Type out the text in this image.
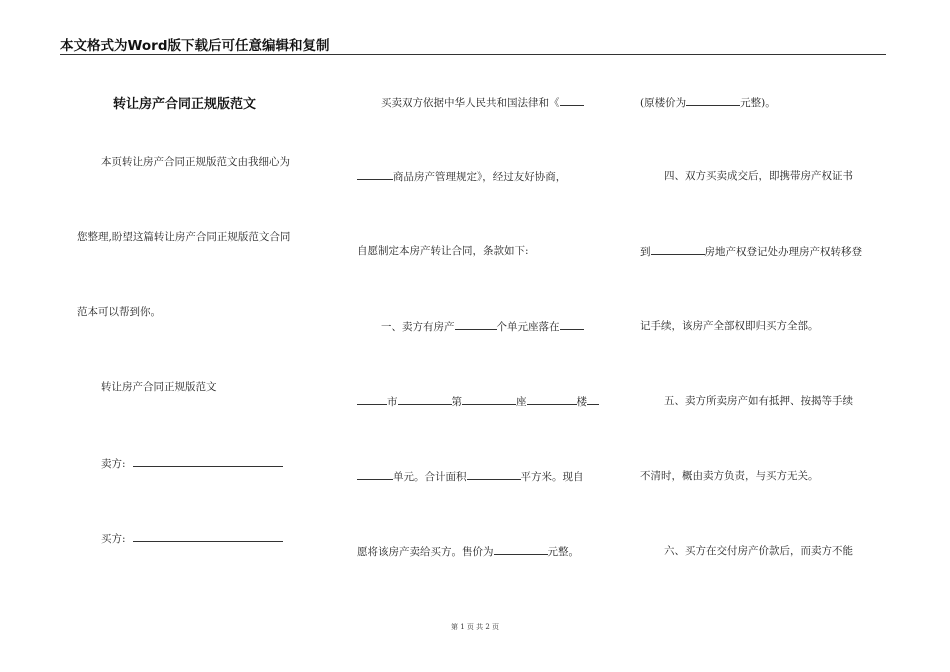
本文格式为Word版下载后可任意编辑和复制
转让房产合同正规版范文
本页转让房产合同正规版范文由我细心为
您整理,盼望这篇转让房产合同正规版范文合同
范本可以帮到你。
转让房产合同正规版范文
卖方:
买方:
买卖双方依据中华人民共和国法律和《
商品房产管理规定》，经过友好协商，
自愿制定本房产转让合同，条款如下:
一、卖方有房产	个单元座落在
市	第	座	楼
单元。合计面积	平方米。现自
愿将该房产卖给买方。售价为	元整。
(原楼价为	元整)。
四、双方买卖成交后，即携带房产权证书
到	房地产权登记处办理房产权转移登
记手续，该房产全部权即归买方全部。
五、卖方所卖房产如有抵押、按揭等手续
不清时，概由卖方负责，与买方无关。
六、买方在交付房产价款后，而卖方不能
第 1 页 共 2 页
